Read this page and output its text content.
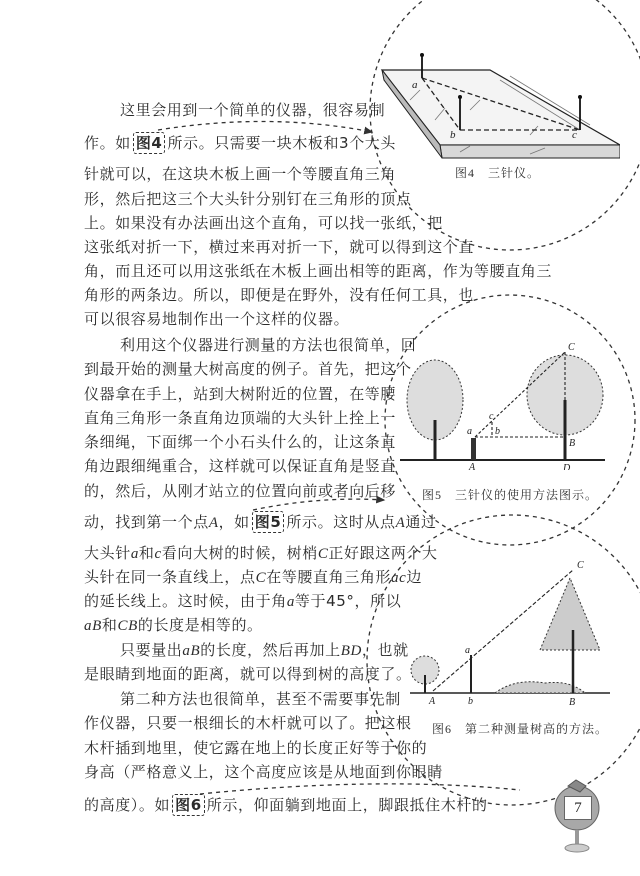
这里会用到一个简单的仪器，很容易制
作。如 图4 所示。只需要一块木板和3个大头
针就可以，在这块木板上画一个等腰直角三角
形，然后把这三个大头针分别钉在三角形的顶点
上。如果没有办法画出这个直角，可以找一张纸，把
这张纸对折一下，横过来再对折一下，就可以得到这个直
角，而且还可以用这张纸在木板上画出相等的距离，作为等腰直角三
角形的两条边。所以，即便是在野外，没有任何工具，也
可以很容易地制作出一个这样的仪器。
利用这个仪器进行测量的方法也很简单，回
到最开始的测量大树高度的例子。首先，把这个
仪器拿在手上，站到大树附近的位置，在等腰
直角三角形一条直角边顶端的大头针上拴上一
条细绳，下面绑一个小石头什么的，让这条直
角边跟细绳重合，这样就可以保证直角是竖直
的，然后，从刚才站立的位置向前或者向后移
动，找到第一个点A，如 图5 所示。这时从点A通过
大头针a和c看向大树的时候，树梢C正好跟这两个大
头针在同一条直线上，点C在等腰直角三角形ac边
的延长线上。这时候，由于角a等于45°，所以
aB和CB的长度是相等的。
只要量出aB的长度，然后再加上BD，也就
是眼睛到地面的距离，就可以得到树的高度了。
第二种方法也很简单，甚至不需要事先制
作仪器，只要一根细长的木杆就可以了。把这根
木杆插到地里，使它露在地上的长度正好等于你的
身高（严格意义上，这个高度应该是从地面到你眼睛
的高度）。如 图6 所示，仰面躺到地面上，脚跟抵住木杆的
a
b	c
图4　三针仪。
C
c
a b
B
A	D
图5　三针仪的使用方法图示。
C
a
A	b	B
图6　第二种测量树高的方法。
7
